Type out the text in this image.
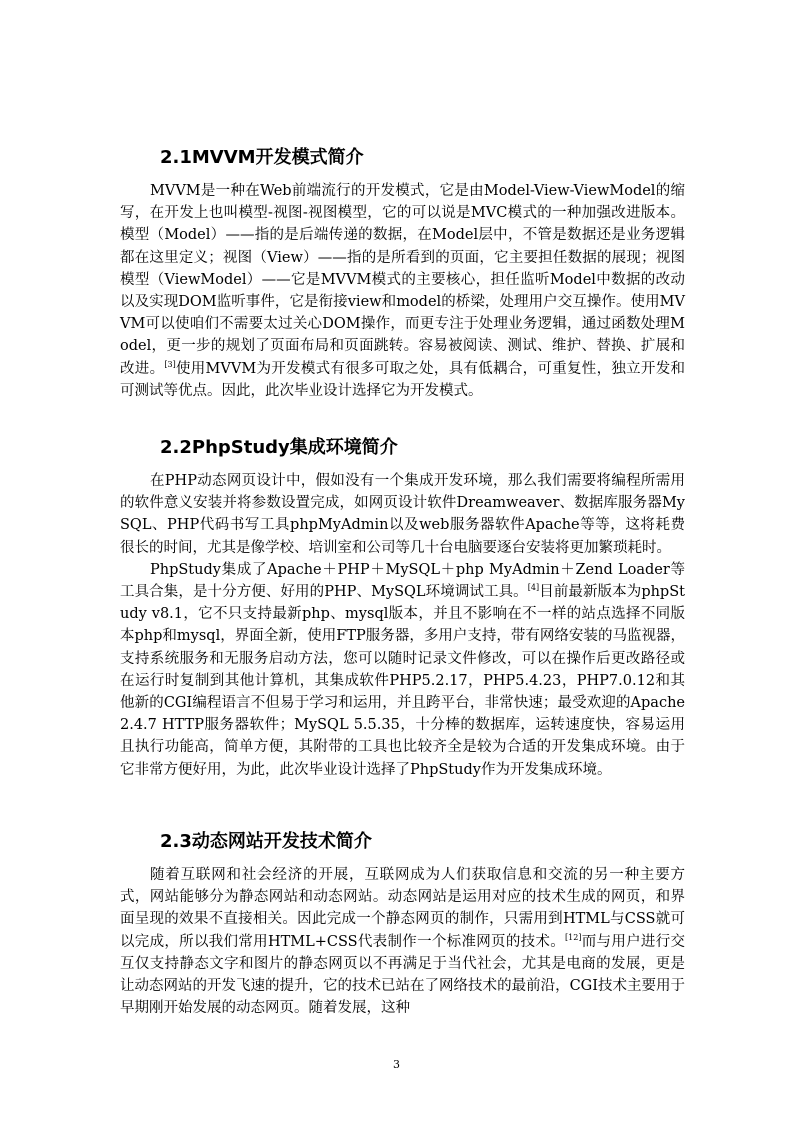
2.1MVVM开发模式简介

MVVM是一种在Web前端流行的开发模式，它是由Model-View-ViewModel的缩写，在开发上也叫模型-视图-视图模型，它的可以说是MVC模式的一种加强改进版本。模型（Model）——指的是后端传递的数据，在Model层中，不管是数据还是业务逻辑都在这里定义；视图（View）——指的是所看到的页面，它主要担任数据的展现；视图模型（ViewModel）——它是MVVM模式的主要核心，担任监听Model中数据的改动以及实现DOM监听事件，它是衔接view和model的桥梁，处理用户交互操作。使用MVVM可以使咱们不需要太过关心DOM操作，而更专注于处理业务逻辑，通过函数处理Model，更一步的规划了页面布局和页面跳转。容易被阅读、测试、维护、替换、扩展和改进。[3]使用MVVM为开发模式有很多可取之处，具有低耦合，可重复性，独立开发和可测试等优点。因此，此次毕业设计选择它为开发模式。

2.2PhpStudy集成环境简介

在PHP动态网页设计中，假如没有一个集成开发环境，那么我们需要将编程所需用的软件意义安装并将参数设置完成，如网页设计软件Dreamweaver、数据库服务器MySQL、PHP代码书写工具phpMyAdmin以及web服务器软件Apache等等，这将耗费很长的时间，尤其是像学校、培训室和公司等几十台电脑要逐台安装将更加繁琐耗时。

PhpStudy集成了Apache＋PHP＋MySQL＋php MyAdmin＋Zend Loader等工具合集，是十分方便、好用的PHP、MySQL环境调试工具。[4]目前最新版本为phpStudy v8.1，它不只支持最新php、mysql版本，并且不影响在不一样的站点选择不同版本php和mysql，界面全新，使用FTP服务器，多用户支持，带有网络安装的马监视器，支持系统服务和无服务启动方法，您可以随时记录文件修改，可以在操作后更改路径或在运行时复制到其他计算机，其集成软件PHP5.2.17，PHP5.4.23，PHP7.0.12和其他新的CGI编程语言不但易于学习和运用，并且跨平台，非常快速；最受欢迎的Apache2.4.7 HTTP服务器软件；MySQL 5.5.35，十分棒的数据库，运转速度快，容易运用且执行功能高，简单方便，其附带的工具也比较齐全是较为合适的开发集成环境。由于它非常方便好用，为此，此次毕业设计选择了PhpStudy作为开发集成环境。

2.3动态网站开发技术简介

随着互联网和社会经济的开展，互联网成为人们获取信息和交流的另一种主要方式，网站能够分为静态网站和动态网站。动态网站是运用对应的技术生成的网页，和界面呈现的效果不直接相关。因此完成一个静态网页的制作，只需用到HTML与CSS就可以完成，所以我们常用HTML+CSS代表制作一个标准网页的技术。[12]而与用户进行交互仅支持静态文字和图片的静态网页以不再满足于当代社会，尤其是电商的发展，更是让动态网站的开发飞速的提升，它的技术已站在了网络技术的最前沿，CGI技术主要用于早期刚开始发展的动态网页。随着发展，这种

3
